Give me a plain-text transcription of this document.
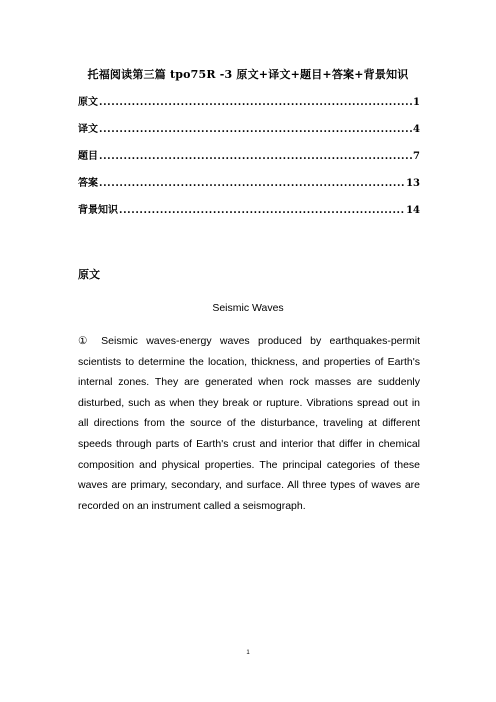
托福阅读第三篇 tpo75R -3 原文+译文+题目+答案+背景知识
原文 .....	1
译文 .....	4
题目 .....	7
答案 .....	13
背景知识 .....	14
原文
Seismic Waves

① Seismic waves-energy waves produced by earthquakes-permit scientists to determine the location, thickness, and properties of Earth's internal zones. They are generated when rock masses are suddenly disturbed, such as when they break or rupture. Vibrations spread out in all directions from the source of the disturbance, traveling at different speeds through parts of Earth's crust and interior that differ in chemical composition and physical properties. The principal categories of these waves are primary, secondary, and surface. All three types of waves are recorded on an instrument called a seismograph.

1
